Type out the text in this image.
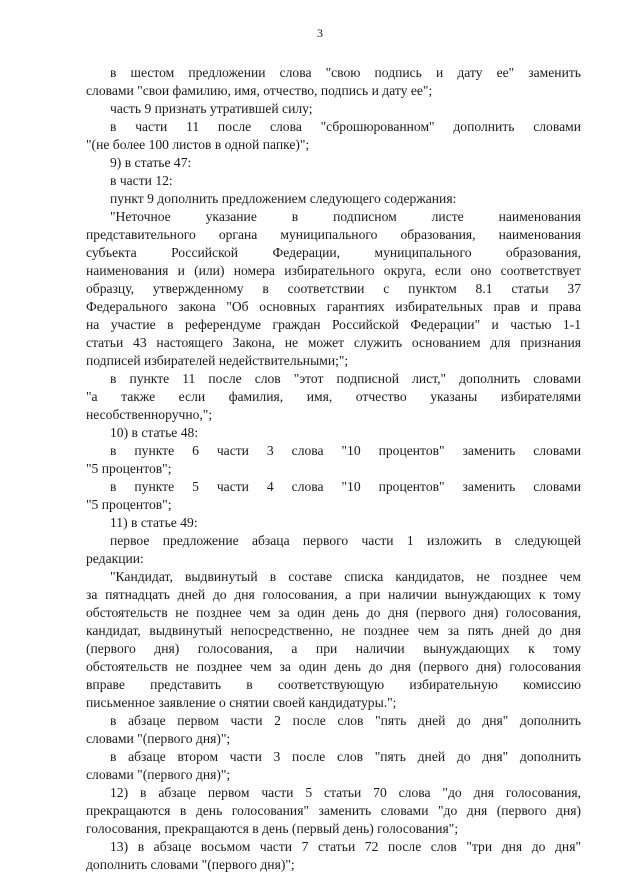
3
в шестом предложении слова "свою подпись и дату ее" заменить
словами "свои фамилию, имя, отчество, подпись и дату ее";
часть 9 признать утратившей силу;
в части 11 после слова "сброшюрованном" дополнить словами
"(не более 100 листов в одной папке)";
9) в статье 47:
в части 12:
пункт 9 дополнить предложением следующего содержания:
"Неточное указание в подписном листе наименования
представительного органа муниципального образования, наименования
субъекта Российской Федерации, муниципального образования,
наименования и (или) номера избирательного округа, если оно соответствует
образцу, утвержденному в соответствии с пунктом 8.1 статьи 37
Федерального закона "Об основных гарантиях избирательных прав и права
на участие в референдуме граждан Российской Федерации" и частью 1-1
статьи 43 настоящего Закона, не может служить основанием для признания
подписей избирателей недействительными;";
в пункте 11 после слов "этот подписной лист," дополнить словами
"а также если фамилия, имя, отчество указаны избирателями
несобственноручно,";
10) в статье 48:
в пункте 6 части 3 слова "10 процентов" заменить словами
"5 процентов";
в пункте 5 части 4 слова "10 процентов" заменить словами
"5 процентов";
11) в статье 49:
первое предложение абзаца первого части 1 изложить в следующей
редакции:
"Кандидат, выдвинутый в составе списка кандидатов, не позднее чем
за пятнадцать дней до дня голосования, а при наличии вынуждающих к тому
обстоятельств не позднее чем за один день до дня (первого дня) голосования,
кандидат, выдвинутый непосредственно, не позднее чем за пять дней до дня
(первого дня) голосования, а при наличии вынуждающих к тому
обстоятельств не позднее чем за один день до дня (первого дня) голосования
вправе представить в соответствующую избирательную комиссию
письменное заявление о снятии своей кандидатуры.";
в абзаце первом части 2 после слов "пять дней до дня" дополнить
словами "(первого дня)";
в абзаце втором части 3 после слов "пять дней до дня" дополнить
словами "(первого дня)";
12) в абзаце первом части 5 статьи 70 слова "до дня голосования,
прекращаются в день голосования" заменить словами "до дня (первого дня)
голосования, прекращаются в день (первый день) голосования";
13) в абзаце восьмом части 7 статьи 72 после слов "три дня до дня"
дополнить словами "(первого дня)";
